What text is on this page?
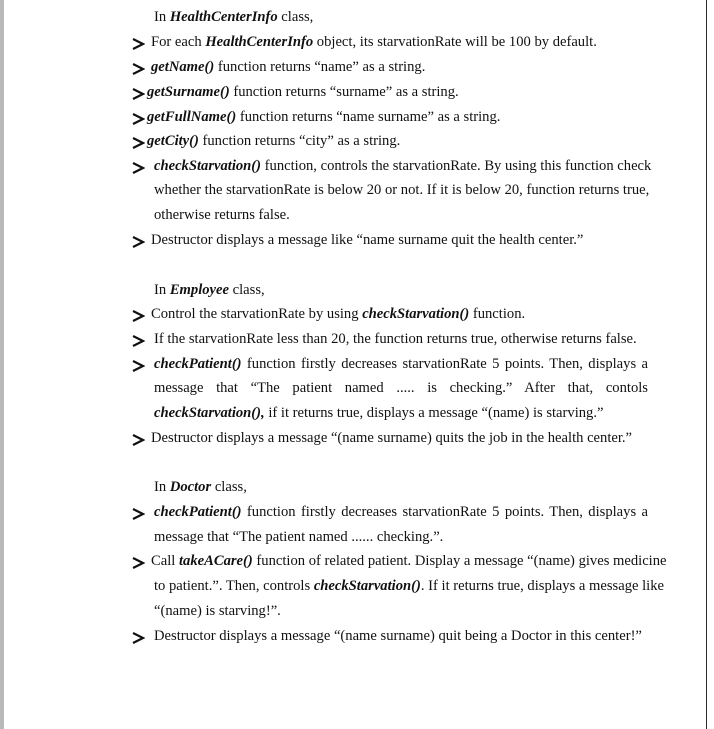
In HealthCenterInfo class,
For each HealthCenterInfo object, its starvationRate will be 100 by default.
getName() function returns “name” as a string.
getSurname() function returns “surname” as a string.
getFullName() function returns “name surname” as a string.
getCity() function returns “city” as a string.
checkStarvation() function, controls the starvationRate. By using this function check
whether the starvationRate is below 20 or not. If it is below 20, function returns true,
otherwise returns false.
Destructor displays a message like “name surname quit the health center.”
In Employee class,
Control the starvationRate by using checkStarvation() function.
If the starvationRate less than 20, the function returns true, otherwise returns false.
checkPatient() function firstly decreases starvationRate 5 points. Then, displays a
message that “The patient named ..... is checking.” After that, contols
checkStarvation(), if it returns true, displays a message “(name) is starving.”
Destructor displays a message “(name surname) quits the job in the health center.”
In Doctor class,
checkPatient() function firstly decreases starvationRate 5 points. Then, displays a
message that “The patient named ...... checking.”.
Call takeACare() function of related patient. Display a message “(name) gives medicine
to patient.”. Then, controls checkStarvation(). If it returns true, displays a message like
“(name) is starving!”.
Destructor displays a message “(name surname) quit being a Doctor in this center!”
